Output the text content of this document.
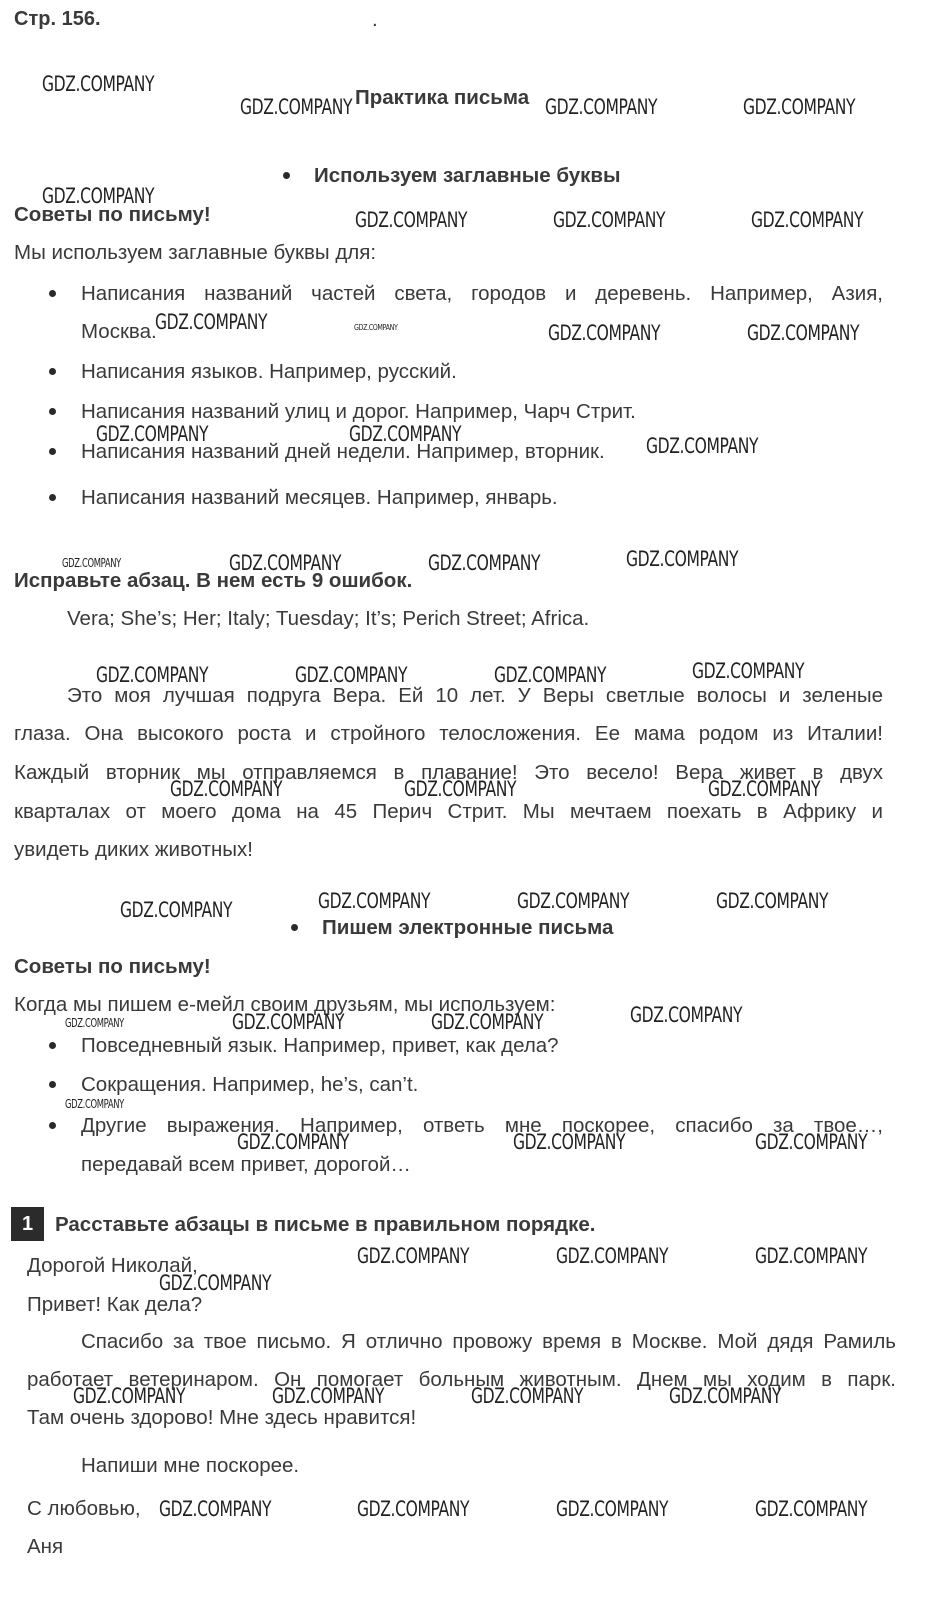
Стр. 156.	.
Практика письма
Используем заглавные буквы
Советы по письму!
Мы используем заглавные буквы для:
Написания названий частей света, городов и деревень. Например, Азия,
Москва.
Написания языков. Например, русский.
Написания названий улиц и дорог. Например, Чарч Стрит.
Написания названий дней недели. Например, вторник.
Написания названий месяцев. Например, январь.
Исправьте абзац. В нем есть 9 ошибок.
Vera; She’s; Her; Italy; Tuesday; It’s; Perich Street; Africa.
Это моя лучшая подруга Вера. Ей 10 лет. У Веры светлые волосы и зеленые
глаза. Она высокого роста и стройного телосложения. Ее мама родом из Италии!
Каждый вторник мы отправляемся в плавание! Это весело! Вера живет в двух
кварталах от моего дома на 45 Перич Стрит. Мы мечтаем поехать в Африку и
увидеть диких животных!
Пишем электронные письма
Советы по письму!
Когда мы пишем е-мейл своим друзьям, мы используем:
Повседневный язык. Например, привет, как дела?
Сокращения. Например, he’s, can’t.
Другие выражения. Например, ответь мне поскорее, спасибо за твое…,
передавай всем привет, дорогой…
1	Расставьте абзацы в письме в правильном порядке.
Дорогой Николай,
Привет! Как дела?
Спасибо за твое письмо. Я отлично провожу время в Москве. Мой дядя Рамиль
работает ветеринаром. Он помогает больным животным. Днем мы ходим в парк.
Там очень здорово! Мне здесь нравится!
Напиши мне поскорее.
С любовью,
Аня
GDZ.COMPANY
GDZ.COMPANY	GDZ.COMPANY	GDZ.COMPANY
GDZ.COMPANY
GDZ.COMPANY	GDZ.COMPANY	GDZ.COMPANY
GDZ.COMPANY	GDZ.COMPANY	GDZ.COMPANY	GDZ.COMPANY
GDZ.COMPANY	GDZ.COMPANY	GDZ.COMPANY
GDZ.COMPANY	GDZ.COMPANY	GDZ.COMPANY	GDZ.COMPANY
GDZ.COMPANY	GDZ.COMPANY	GDZ.COMPANY	GDZ.COMPANY
GDZ.COMPANY	GDZ.COMPANY	GDZ.COMPANY
GDZ.COMPANY	GDZ.COMPANY	GDZ.COMPANY	GDZ.COMPANY
GDZ.COMPANY
GDZ.COMPANY	GDZ.COMPANY	GDZ.COMPANY
GDZ.COMPANY
GDZ.COMPANY	GDZ.COMPANY	GDZ.COMPANY
GDZ.COMPANY	GDZ.COMPANY	GDZ.COMPANY
GDZ.COMPANY
GDZ.COMPANY	GDZ.COMPANY	GDZ.COMPANY	GDZ.COMPANY
GDZ.COMPANY	GDZ.COMPANY	GDZ.COMPANY	GDZ.COMPANY
